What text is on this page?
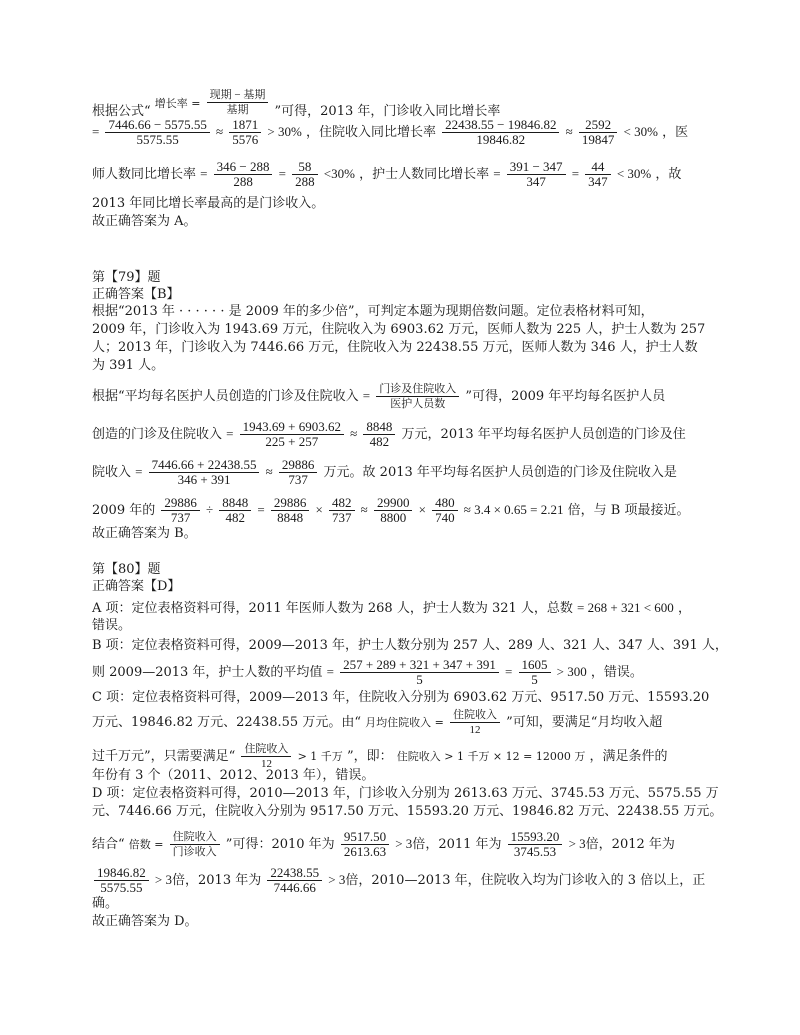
根据公式“ $^{增长率 =} \frac{\text{现期 − 基期}}{\text{基期}}$ ”可得，2013 年，门诊收入同比增长率
= $\frac{7446.66 - 5575.55}{5575.55} \approx \frac{1871}{5576} > 30\%$ ，住院收入同比增长率 $\frac{22438.55 - 19846.82}{19846.82} \approx \frac{2592}{19847} < 30\%$ ，医
师人数同比增长率 = $\frac{346 - 288}{288} = \frac{58}{288} <30\%$ ，护士人数同比增长率 = $\frac{391 - 347}{347} = \frac{44}{347} < 30\%$ ，故
2013 年同比增长率最高的是门诊收入。
故正确答案为 A。
第【79】题
正确答案【B】
根据“2013 年 · · · · · · 是 2009 年的多少倍”，可判定本题为现期倍数问题。定位表格材料可知，
2009 年，门诊收入为 1943.69 万元，住院收入为 6903.62 万元，医师人数为 225 人，护士人数为 257
人；2013 年，门诊收入为 7446.66 万元，住院收入为 22438.55 万元，医师人数为 346 人，护士人数
为 391 人。
根据“平均每名医护人员创造的门诊及住院收入 = $\frac{\text{门诊及住院收入}}{\text{医护人员数}}$ ”可得，2009 年平均每名医护人员
创造的门诊及住院收入 = $\frac{1943.69 + 6903.62}{225 + 257} \approx \frac{8848}{482}$ 万元，2013 年平均每名医护人员创造的门诊及住
院收入 = $\frac{7446.66 + 22438.55}{346 + 391} \approx \frac{29886}{737}$ 万元。故 2013 年平均每名医护人员创造的门诊及住院收入是
2009 年的 $\frac{29886}{737} \div \frac{8848}{482} = \frac{29886}{8848} \times \frac{482}{737} \approx \frac{29900}{8800} \times \frac{480}{740} \approx 3.4 \times 0.65 = 2.21$ 倍，与 B 项最接近。
故正确答案为 B。
第【80】题
正确答案【D】
A 项：定位表格资料可得，2011 年医师人数为 268 人，护士人数为 321 人，总数 = 268 + 321 < 600 ，
错误。
B 项：定位表格资料可得，2009—2013 年，护士人数分别为 257 人、289 人、321 人、347 人、391 人，
则 2009—2013 年，护士人数的平均值 = $\frac{257 + 289 + 321 + 347 + 391}{5} = \frac{1605}{5} > 300$ ，错误。
C 项：定位表格资料可得，2009—2013 年，住院收入分别为 6903.62 万元、9517.50 万元、15593.20
万元、19846.82 万元、22438.55 万元。由“ 月均住院收入 = $\frac{\text{住院收入}}{12}$ ”可知，要满足“月均收入超
过千万元”，只需要满足“ $\frac{\text{住院收入}}{12} > 1$ 千万 ”，即： 住院收入 > 1 千万 × 12 = 12000 万 ，满足条件的
年份有 3 个（2011、2012、2013 年），错误。
D 项：定位表格资料可得，2010—2013 年，门诊收入分别为 2613.63 万元、3745.53 万元、5575.55 万
元、7446.66 万元，住院收入分别为 9517.50 万元、15593.20 万元、19846.82 万元、22438.55 万元。
结合“ 倍数 = $\frac{\text{住院收入}}{\text{门诊收入}}$ ”可得：2010 年为 $\frac{9517.50}{2613.63} > 3$倍，2011 年为 $\frac{15593.20}{3745.53} > 3$倍，2012 年为
$\frac{19846.82}{5575.55} > 3$倍，2013 年为 $\frac{22438.55}{7446.66} > 3$倍，2010—2013 年，住院收入均为门诊收入的 3 倍以上，正
确。
故正确答案为 D。
